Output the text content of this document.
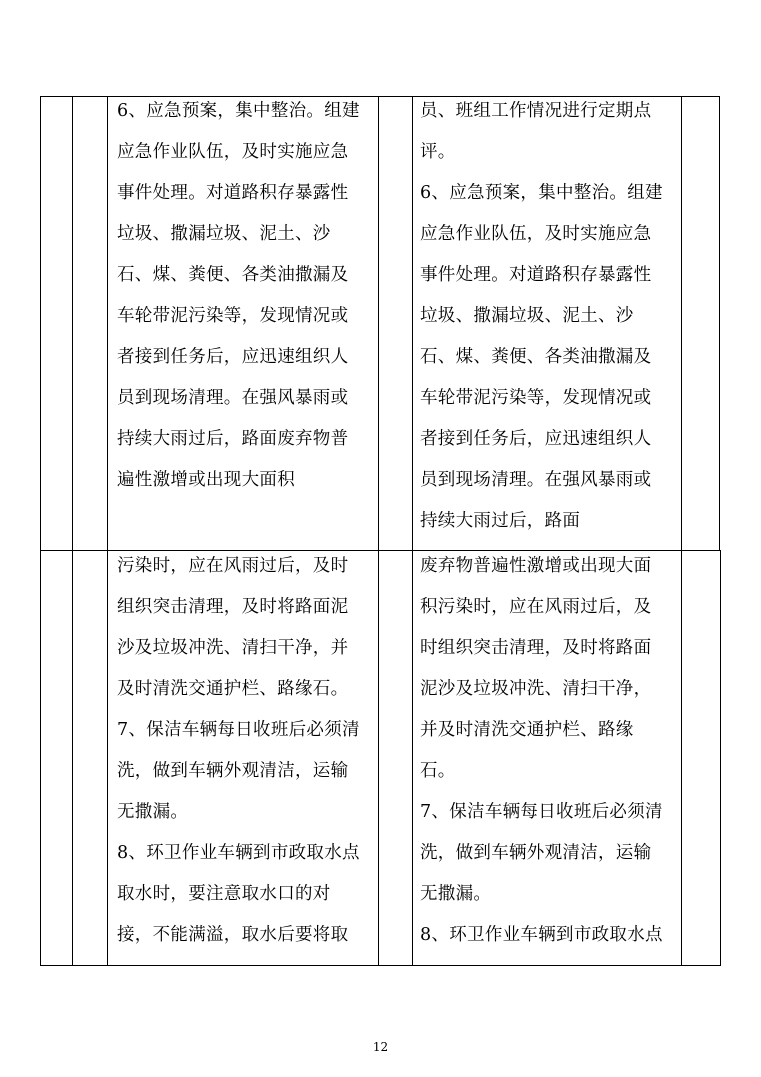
6、应急预案，集中整治。组建
应急作业队伍，及时实施应急
事件处理。对道路积存暴露性
垃圾、撒漏垃圾、泥土、沙
石、煤、粪便、各类油撒漏及
车轮带泥污染等，发现情况或
者接到任务后，应迅速组织人
员到现场清理。在强风暴雨或
持续大雨过后，路面废弃物普
遍性激增或出现大面积
员、班组工作情况进行定期点
评。
6、应急预案，集中整治。组建
应急作业队伍，及时实施应急
事件处理。对道路积存暴露性
垃圾、撒漏垃圾、泥土、沙
石、煤、粪便、各类油撒漏及
车轮带泥污染等，发现情况或
者接到任务后，应迅速组织人
员到现场清理。在强风暴雨或
持续大雨过后，路面
污染时，应在风雨过后，及时
组织突击清理，及时将路面泥
沙及垃圾冲洗、清扫干净，并
及时清洗交通护栏、路缘石。
7、保洁车辆每日收班后必须清
洗，做到车辆外观清洁，运输
无撒漏。
8、环卫作业车辆到市政取水点
取水时，要注意取水口的对
接，不能满溢，取水后要将取
废弃物普遍性激增或出现大面
积污染时，应在风雨过后，及
时组织突击清理，及时将路面
泥沙及垃圾冲洗、清扫干净，
并及时清洗交通护栏、路缘
石。
7、保洁车辆每日收班后必须清
洗，做到车辆外观清洁，运输
无撒漏。
8、环卫作业车辆到市政取水点
12
